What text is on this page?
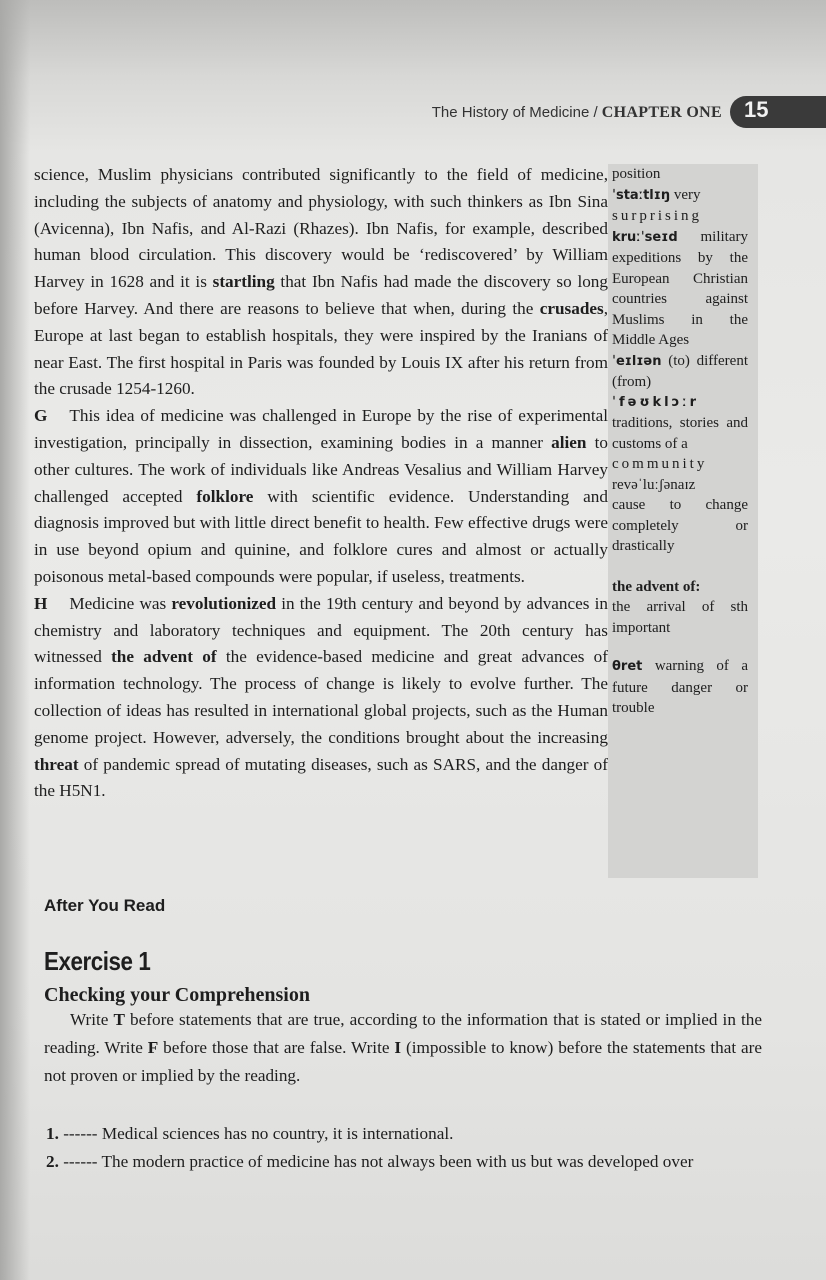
The History of Medicine / CHAPTER ONE 15

science, Muslim physicians contributed significantly to the field of medicine, including the subjects of anatomy and physiology, with such thinkers as Ibn Sina (Avicenna), Ibn Nafis, and Al-Razi (Rhazes). Ibn Nafis, for example, described human blood circulation. This discovery would be ‘rediscovered’ by William Harvey in 1628 and it is startling that Ibn Nafis had made the discovery so long before Harvey. And there are reasons to believe that when, during the crusades, Europe at last began to establish hospitals, they were inspired by the Iranians of near East. The first hospital in Paris was founded by Louis IX after his return from the crusade 1254-1260.

G This idea of medicine was challenged in Europe by the rise of experimental investigation, principally in dissection, examining bodies in a manner alien to other cultures. The work of individuals like Andreas Vesalius and William Harvey challenged accepted folklore with scientific evidence. Understanding and diagnosis improved but with little direct benefit to health. Few effective drugs were in use beyond opium and quinine, and folklore cures and almost or actually poisonous metal-based compounds were popular, if useless, treatments.

H Medicine was revolutionized in the 19th century and beyond by advances in chemistry and laboratory techniques and equipment. The 20th century has witnessed the advent of the evidence-based medicine and great advances of information technology. The process of change is likely to evolve further. The collection of ideas has resulted in international global projects, such as the Human genome project. However, adversely, the conditions brought about the increasing threat of pandemic spread of mutating diseases, such as SARS, and the danger of the H5N1.

position

ˈstaːtlɪŋ very

surprising

kruːˈseɪd military expeditions by the European Christian countries against Muslims in the Middle Ages

ˈeɪlɪən (to) different (from)

ˈfəʊklɔːr

traditions, stories and customs of a

community

revəˈluːʃənaɪz

cause to change completely or drastically

the advent of:

the arrival of sth important

θret warning of a future danger or trouble

After You Read
Exercise 1
Checking your Comprehension

Write T before statements that are true, according to the information that is stated or implied in the reading. Write F before those that are false. Write I (impossible to know) before the statements that are not proven or implied by the reading.

1. ------ Medical sciences has no country, it is international.

2. ------ The modern practice of medicine has not always been with us but was developed over
